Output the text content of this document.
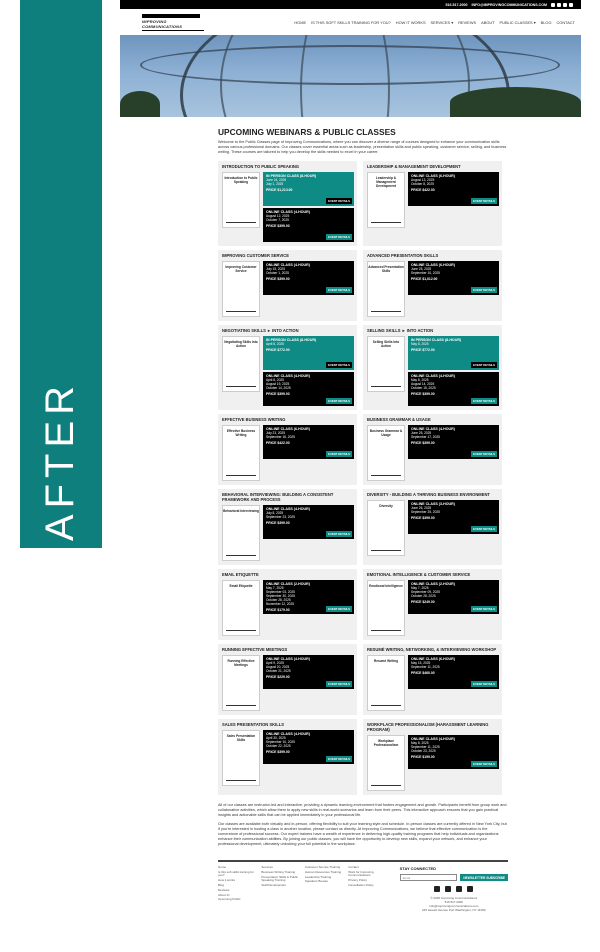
AFTER
516.517.2000 INFO@IMPROVINGCOMMUNICATIONS.COM
IMPROVING COMMUNICATIONS
HOME IS THIS SOFT SKILLS TRAINING FOR YOU? HOW IT WORKS SERVICES ▾ REVIEWS ABOUT PUBLIC CLASSES ▾ BLOG CONTACT
UPCOMING WEBINARS & PUBLIC CLASSES

Welcome to the Public Classes page of Improving Communications, where you can discover a diverse range of courses designed to enhance your communication skills across various professional domains. Our classes cover essential areas such as leadership, presentation skills and public speaking, customer service, selling, and business writing. These courses are tailored to help you develop the skills needed to excel in your career.

INTRODUCTION TO PUBLIC SPEAKING
Introduction to Public Speaking
IN PERSON CLASS (8-HOUR)
June 24, 2025
July 1, 2025
PRICE $1,213.00
EVENT DETAILS
ONLINE CLASS (4-HOUR)
August 12, 2025
October 7, 2025
PRICE $399.00
EVENT DETAILS
LEADERSHIP & MANAGEMENT DEVELOPMENT
Leadership & Management Development
ONLINE CLASS (6-HOUR)
August 13, 2025
October 8, 2025
PRICE $422.00
EVENT DETAILS
IMPROVING CUSTOMER SERVICE
Improving Customer Service
ONLINE CLASS (4-HOUR)
July 15, 2025
October 1, 2025
PRICE $399.00
EVENT DETAILS
ADVANCED PRESENTATION SKILLS
Advanced Presentation Skills
ONLINE CLASS (6-HOUR)
June 25, 2025
September 10, 2025
PRICE $1,012.00
EVENT DETAILS
NEGOTIATING SKILLS ► INTO ACTION
Negotiating Skills Into Action
IN PERSON CLASS (8-HOUR)
April 8, 2025
PRICE $772.00
EVENT DETAILS
ONLINE CLASS (4-HOUR)
April 8, 2025
August 19, 2025
October 14, 2025
PRICE $399.00
EVENT DETAILS
SELLING SKILLS ► INTO ACTION
Selling Skills Into Action
IN PERSON CLASS (8-HOUR)
May 8, 2025
PRICE $772.00
EVENT DETAILS
ONLINE CLASS (4-HOUR)
May 8, 2025
August 14, 2025
October 15, 2025
PRICE $399.00
EVENT DETAILS
EFFECTIVE BUSINESS WRITING
Effective Business Writing
ONLINE CLASS (6-HOUR)
July 23, 2025
September 16, 2025
PRICE $422.00
EVENT DETAILS
BUSINESS GRAMMAR & USAGE
Business Grammar & Usage
ONLINE CLASS (4-HOUR)
June 25, 2025
September 17, 2025
PRICE $399.00
EVENT DETAILS
BEHAVIORAL INTERVIEWING: BUILDING A CONSISTENT FRAMEWORK AND PROCESS
Behavioral Interviewing ONLINE CLASS (4-HOUR)
July 8, 2025
September 23, 2025
PRICE $399.00
EVENT DETAILS
DIVERSITY - BUILDING A THRIVING BUSINESS ENVIRONMENT
Diversity	ONLINE CLASS (3-HOUR)
June 26, 2025
September 25, 2025
PRICE $399.00
EVENT DETAILS
EMAIL ETIQUETTE
Email Etiquette	ONLINE CLASS (2-HOUR)
May 7, 2025
September 03, 2025
September 30, 2025
October 28, 2025
November 12, 2025
PRICE $179.00	EVENT DETAILS
EMOTIONAL INTELLIGENCE & CUSTOMER SERVICE
Emotional Intelligence ONLINE CLASS (2-HOUR)
May 7, 2025
September 09, 2025
October 28, 2025
PRICE $249.00
EVENT DETAILS
RUNNING EFFECTIVE MEETINGS
Running Effective Meetings
ONLINE CLASS (4-HOUR)
April 9, 2025
August 20, 2025
October 21, 2025
PRICE $229.00
EVENT DETAILS
RESUMÉ WRITING, NETWORKING, & INTERVIEWING WORKSHOP
Resumé Writing	ONLINE CLASS (6-HOUR)
May 15, 2025
September 11, 2025
PRICE $460.00
EVENT DETAILS
SALES PRESENTATION SKILLS
Sales Presentation Skills
ONLINE CLASS (4-HOUR)
April 30, 2025
September 10, 2025
October 22, 2025
PRICE $399.00
EVENT DETAILS
WORKPLACE PROFESSIONALISM (HARASSMENT LEARNING PROGRAM)
Workplace Professionalism
ONLINE CLASS (4-HOUR)
May 8, 2025
September 11, 2025
October 23, 2025
PRICE $199.00
EVENT DETAILS

All of our classes are instructor-led and interactive, providing a dynamic learning environment that fosters engagement and growth. Participants benefit from group work and collaborative activities, which allow them to apply new skills in real-world scenarios and learn from their peers. This interactive approach ensures that you gain practical insights and actionable skills that can be applied immediately in your professional life.

Our classes are available both virtually and in-person, offering flexibility to suit your learning style and schedule. In-person classes are currently offered in New York City, but if you're interested in hosting a class in another location, please contact us directly. At Improving Communications, we believe that effective communication is the cornerstone of professional success. Our expert trainers have a wealth of experience in delivering high-quality training programs that help individuals and organizations enhance their communication abilities. By joining our public classes, you will have the opportunity to develop new skills, expand your network, and enhance your professional development, ultimately unlocking your full potential in the workplace.

Home
Is this soft skills training for you?
How it works
Blog
Reviews
About IC
Upcoming Public
Services
Business Writing Training
Presentation Skills & Public Speaking Training
Staff Development
Customer Service Training
Human Resources Training
Leadership Training
Speakers Bureau
Contact
Work for Improving Communications
Privacy Policy
Cancellation Policy
STAY CONNECTED
Email	NEWSLETTER SUBSCRIBE
© 2025 Improving Communications
516.517.2000
info@improvingcommunications.com
225 Hewett Avenue Port Washington, NY 11050
